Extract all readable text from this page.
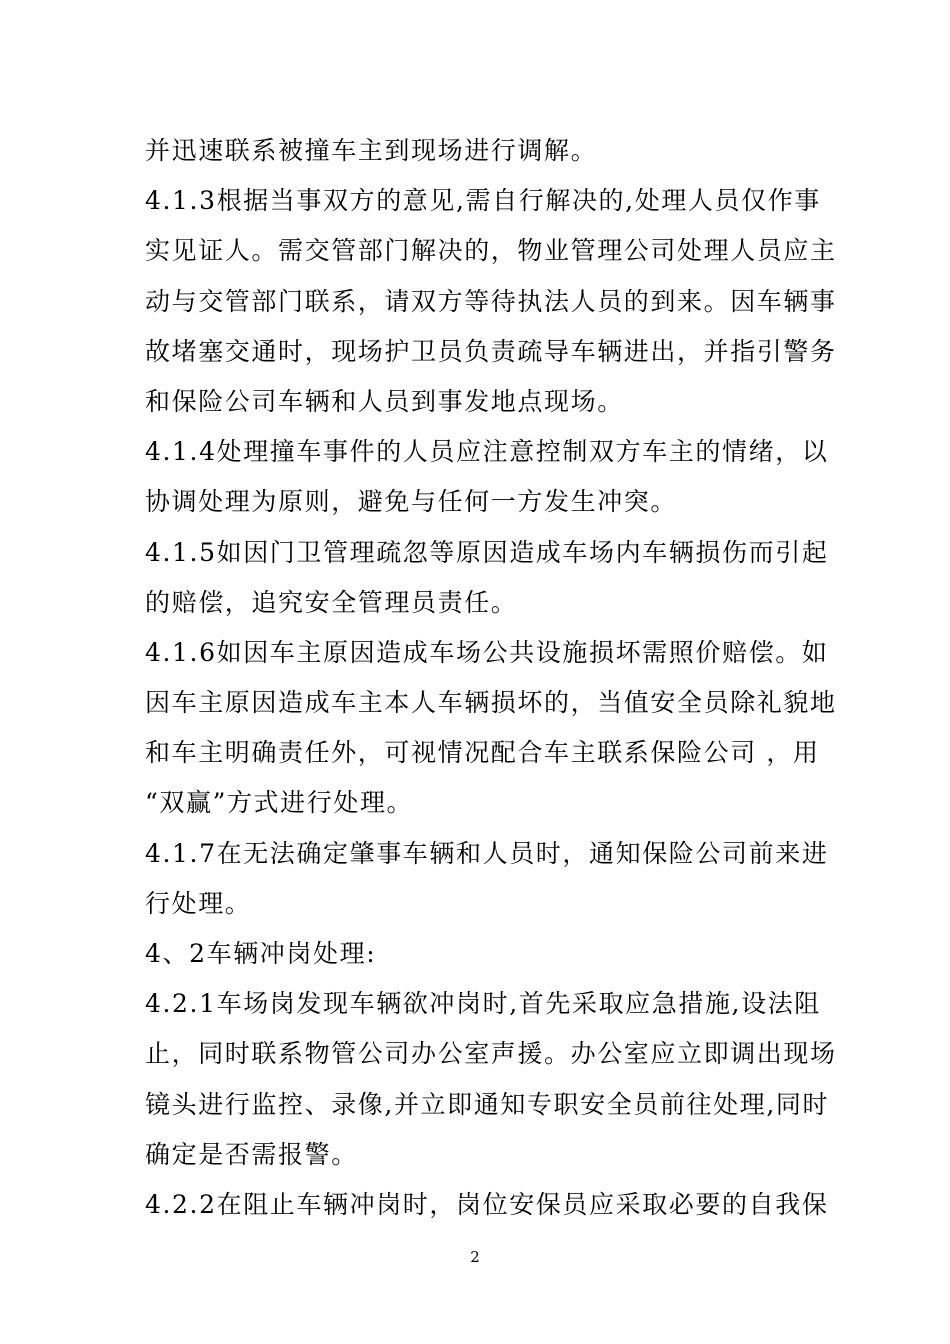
并迅速联系被撞车主到现场进行调解。
4.1.3根据当事双方的意见,需自行解决的,处理人员仅作事
实见证人。需交管部门解决的，物业管理公司处理人员应主
动与交管部门联系，请双方等待执法人员的到来。因车辆事
故堵塞交通时，现场护卫员负责疏导车辆进出，并指引警务
和保险公司车辆和人员到事发地点现场。
4.1.4处理撞车事件的人员应注意控制双方车主的情绪，以
协调处理为原则，避免与任何一方发生冲突。
4.1.5如因门卫管理疏忽等原因造成车场内车辆损伤而引起
的赔偿，追究安全管理员责任。
4.1.6如因车主原因造成车场公共设施损坏需照价赔偿。如
因车主原因造成车主本人车辆损坏的，当值安全员除礼貌地
和车主明确责任外，可视情况配合车主联系保险公司 ，用
“双赢”方式进行处理。
4.1.7在无法确定肇事车辆和人员时，通知保险公司前来进
行处理。
4、2车辆冲岗处理:
4.2.1车场岗发现车辆欲冲岗时,首先采取应急措施,设法阻
止，同时联系物管公司办公室声援。办公室应立即调出现场
镜头进行监控、录像,并立即通知专职安全员前往处理,同时
确定是否需报警。
4.2.2在阻止车辆冲岗时，岗位安保员应采取必要的自我保
2
